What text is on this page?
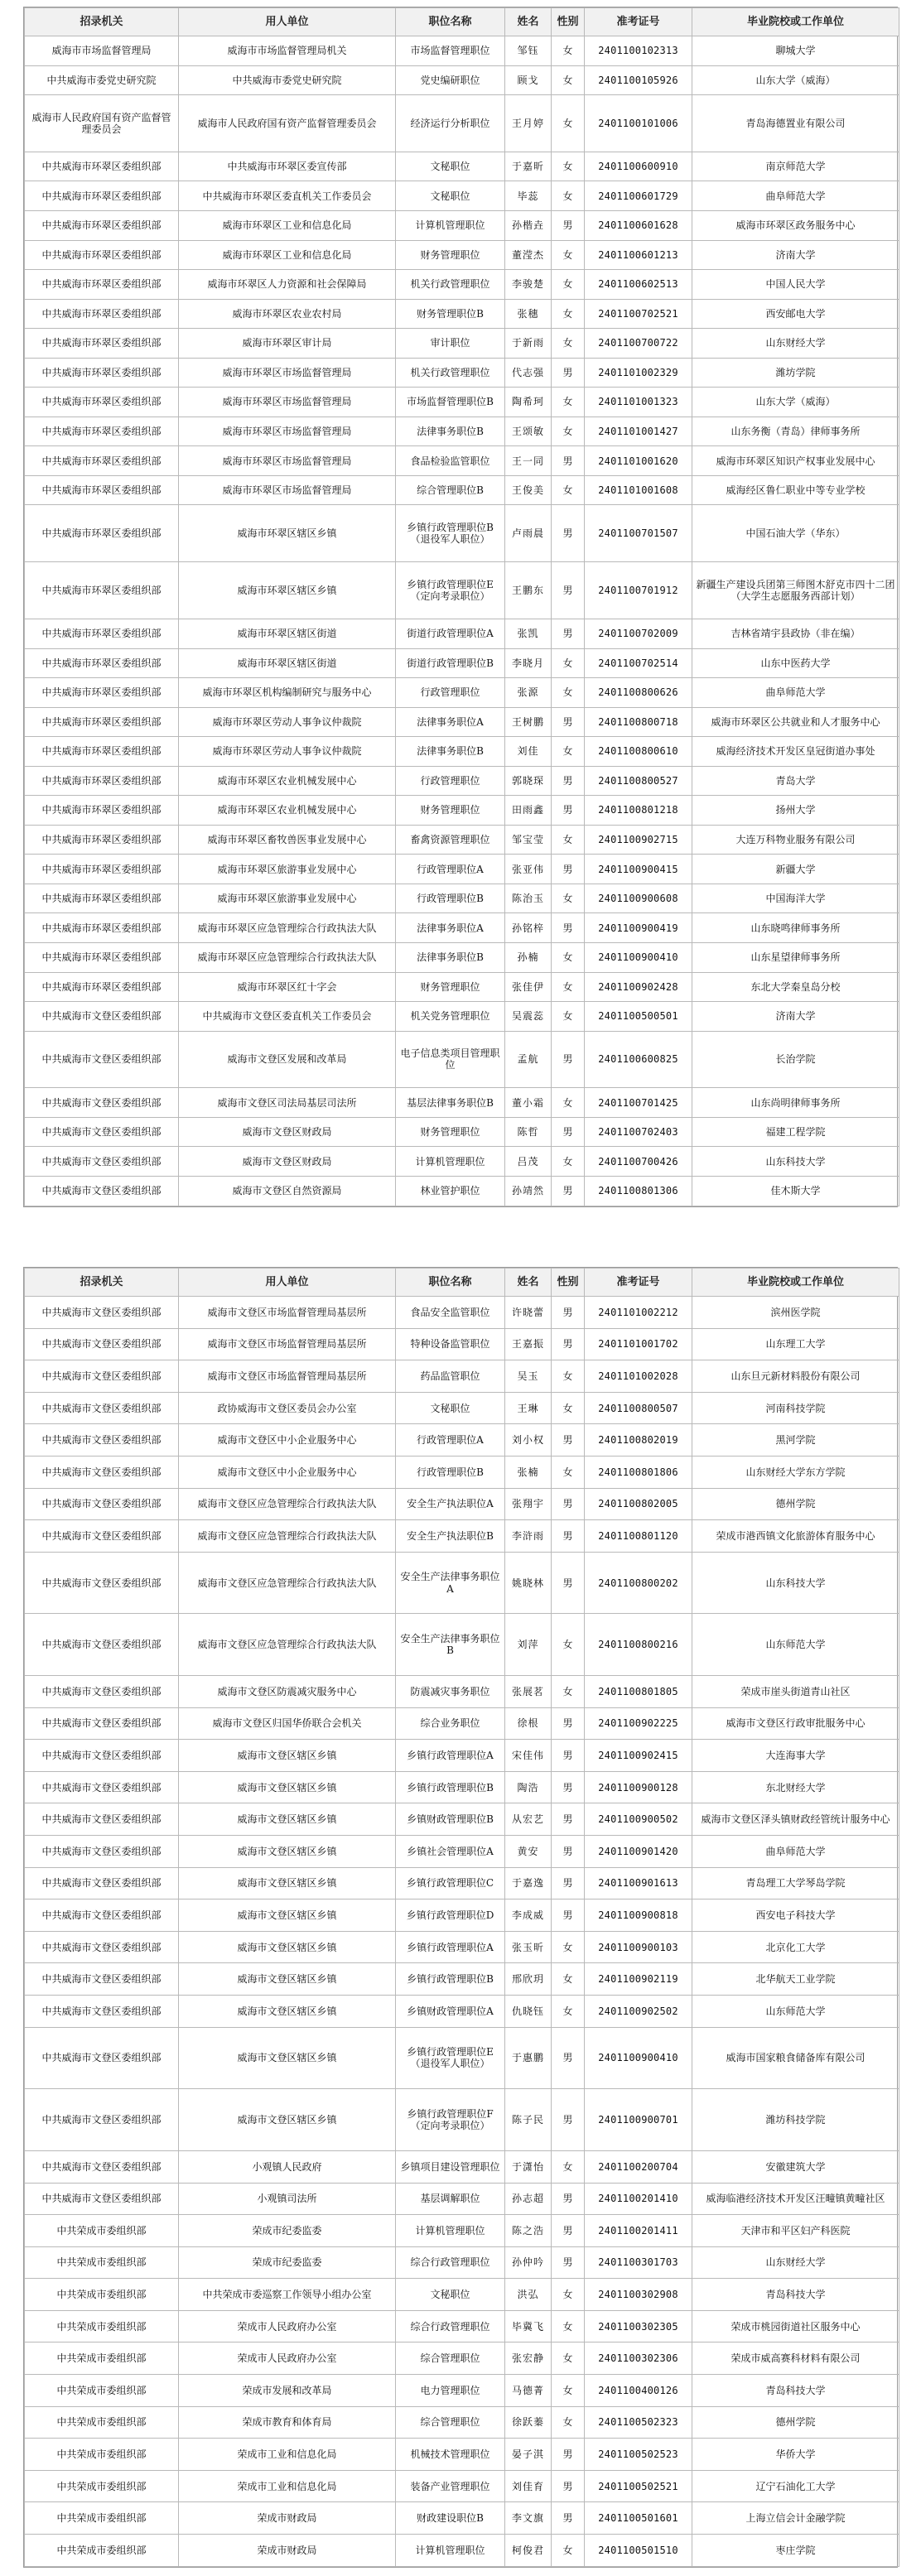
招录机关	用人单位	职位名称	姓名	性别	准考证号	毕业院校或工作单位
威海市市场监督管理局	威海市市场监督管理局机关	市场监督管理职位	邹钰	女	2401100102313	聊城大学
中共威海市委党史研究院	中共威海市委党史研究院	党史编研职位	顾戈	女	2401100105926	山东大学（威海）
威海市人民政府国有资产监督管理委员会	威海市人民政府国有资产监督管理委员会	经济运行分析职位	王月婷	女	2401100101006	青岛海德置业有限公司
中共威海市环翠区委组织部	中共威海市环翠区委宣传部	文秘职位	于嘉昕	女	2401100600910	南京师范大学
中共威海市环翠区委组织部	中共威海市环翠区委直机关工作委员会	文秘职位	毕蕊	女	2401100601729	曲阜师范大学
中共威海市环翠区委组织部	威海市环翠区工业和信息化局	计算机管理职位	孙楷垚	男	2401100601628	威海市环翠区政务服务中心
中共威海市环翠区委组织部	威海市环翠区工业和信息化局	财务管理职位	董滢杰	女	2401100601213	济南大学
中共威海市环翠区委组织部	威海市环翠区人力资源和社会保障局	机关行政管理职位	李骏楚	女	2401100602513	中国人民大学
中共威海市环翠区委组织部	威海市环翠区农业农村局	财务管理职位B	张穗	女	2401100702521	西安邮电大学
中共威海市环翠区委组织部	威海市环翠区审计局	审计职位	于新雨	女	2401100700722	山东财经大学
中共威海市环翠区委组织部	威海市环翠区市场监督管理局	机关行政管理职位	代志强	男	2401101002329	潍坊学院
中共威海市环翠区委组织部	威海市环翠区市场监督管理局	市场监督管理职位B	陶希珂	女	2401101001323	山东大学（威海）
中共威海市环翠区委组织部	威海市环翠区市场监督管理局	法律事务职位B	王颂敏	女	2401101001427	山东务衡（青岛）律师事务所
中共威海市环翠区委组织部	威海市环翠区市场监督管理局	食品检验监管职位	王一同	男	2401101001620	威海市环翠区知识产权事业发展中心
中共威海市环翠区委组织部	威海市环翠区市场监督管理局	综合管理职位B	王俊美	女	2401101001608	威海经区鲁仁职业中等专业学校
中共威海市环翠区委组织部	威海市环翠区辖区乡镇	乡镇行政管理职位B（退役军人职位）	卢雨晨	男	2401100701507	中国石油大学（华东）
中共威海市环翠区委组织部	威海市环翠区辖区乡镇	乡镇行政管理职位E（定向考录职位）	王鹏东	男	2401100701912	新疆生产建设兵团第三师图木舒克市四十二团（大学生志愿服务西部计划）
中共威海市环翠区委组织部	威海市环翠区辖区街道	街道行政管理职位A	张凯	男	2401100702009	吉林省靖宇县政协（非在编）
中共威海市环翠区委组织部	威海市环翠区辖区街道	街道行政管理职位B	李晓月	女	2401100702514	山东中医药大学
中共威海市环翠区委组织部	威海市环翠区机构编制研究与服务中心	行政管理职位	张源	女	2401100800626	曲阜师范大学
中共威海市环翠区委组织部	威海市环翠区劳动人事争议仲裁院	法律事务职位A	王树鹏	男	2401100800718	威海市环翠区公共就业和人才服务中心
中共威海市环翠区委组织部	威海市环翠区劳动人事争议仲裁院	法律事务职位B	刘佳	女	2401100800610	威海经济技术开发区皇冠街道办事处
中共威海市环翠区委组织部	威海市环翠区农业机械发展中心	行政管理职位	郭晓琛	男	2401100800527	青岛大学
中共威海市环翠区委组织部	威海市环翠区农业机械发展中心	财务管理职位	田雨鑫	男	2401100801218	扬州大学
中共威海市环翠区委组织部	威海市环翠区畜牧兽医事业发展中心	畜禽资源管理职位	邹宝莹	女	2401100902715	大连万科物业服务有限公司
中共威海市环翠区委组织部	威海市环翠区旅游事业发展中心	行政管理职位A	张亚伟	男	2401100900415	新疆大学
中共威海市环翠区委组织部	威海市环翠区旅游事业发展中心	行政管理职位B	陈治玉	女	2401100900608	中国海洋大学
中共威海市环翠区委组织部	威海市环翠区应急管理综合行政执法大队	法律事务职位A	孙铭梓	男	2401100900419	山东晓鸣律师事务所
中共威海市环翠区委组织部	威海市环翠区应急管理综合行政执法大队	法律事务职位B	孙楠	女	2401100900410	山东星望律师事务所
中共威海市环翠区委组织部	威海市环翠区红十字会	财务管理职位	张佳伊	女	2401100902428	东北大学秦皇岛分校
中共威海市文登区委组织部	中共威海市文登区委直机关工作委员会	机关党务管理职位	吴震蕊	女	2401100500501	济南大学
中共威海市文登区委组织部	威海市文登区发展和改革局	电子信息类项目管理职位	孟航	男	2401100600825	长治学院
中共威海市文登区委组织部	威海市文登区司法局基层司法所	基层法律事务职位B	董小霜	女	2401100701425	山东尚明律师事务所
中共威海市文登区委组织部	威海市文登区财政局	财务管理职位	陈哲	男	2401100702403	福建工程学院
中共威海市文登区委组织部	威海市文登区财政局	计算机管理职位	吕茂	女	2401100700426	山东科技大学
中共威海市文登区委组织部	威海市文登区自然资源局	林业管护职位	孙靖然	男	2401100801306	佳木斯大学
招录机关	用人单位	职位名称	姓名	性别	准考证号	毕业院校或工作单位
中共威海市文登区委组织部	威海市文登区市场监督管理局基层所	食品安全监管职位	许晓蕾	男	2401101002212	滨州医学院
中共威海市文登区委组织部	威海市文登区市场监督管理局基层所	特种设备监管职位	王嘉振	男	2401101001702	山东理工大学
中共威海市文登区委组织部	威海市文登区市场监督管理局基层所	药品监管职位	吴玉	女	2401101002028	山东旦元新材料股份有限公司
中共威海市文登区委组织部	政协威海市文登区委员会办公室	文秘职位	王琳	女	2401100800507	河南科技学院
中共威海市文登区委组织部	威海市文登区中小企业服务中心	行政管理职位A	刘小权	男	2401100802019	黑河学院
中共威海市文登区委组织部	威海市文登区中小企业服务中心	行政管理职位B	张楠	女	2401100801806	山东财经大学东方学院
中共威海市文登区委组织部	威海市文登区应急管理综合行政执法大队	安全生产执法职位A	张翔宇	男	2401100802005	德州学院
中共威海市文登区委组织部	威海市文登区应急管理综合行政执法大队	安全生产执法职位B	李浒雨	男	2401100801120	荣成市港西镇文化旅游体育服务中心
中共威海市文登区委组织部	威海市文登区应急管理综合行政执法大队	安全生产法律事务职位A	姚晓林	男	2401100800202	山东科技大学
中共威海市文登区委组织部	威海市文登区应急管理综合行政执法大队	安全生产法律事务职位B	刘萍	女	2401100800216	山东师范大学
中共威海市文登区委组织部	威海市文登区防震减灾服务中心	防震减灾事务职位	张展茗	女	2401100801805	荣成市崖头街道青山社区
中共威海市文登区委组织部	威海市文登区归国华侨联合会机关	综合业务职位	徐根	男	2401100902225	威海市文登区行政审批服务中心
中共威海市文登区委组织部	威海市文登区辖区乡镇	乡镇行政管理职位A	宋佳伟	男	2401100902415	大连海事大学
中共威海市文登区委组织部	威海市文登区辖区乡镇	乡镇行政管理职位B	陶浩	男	2401100900128	东北财经大学
中共威海市文登区委组织部	威海市文登区辖区乡镇	乡镇财政管理职位B	从宏艺	男	2401100900502	威海市文登区泽头镇财政经管统计服务中心
中共威海市文登区委组织部	威海市文登区辖区乡镇	乡镇社会管理职位A	黄安	男	2401100901420	曲阜师范大学
中共威海市文登区委组织部	威海市文登区辖区乡镇	乡镇行政管理职位C	于嘉逸	男	2401100901613	青岛理工大学琴岛学院
中共威海市文登区委组织部	威海市文登区辖区乡镇	乡镇行政管理职位D	李成威	男	2401100900818	西安电子科技大学
中共威海市文登区委组织部	威海市文登区辖区乡镇	乡镇行政管理职位A	张玉昕	女	2401100900103	北京化工大学
中共威海市文登区委组织部	威海市文登区辖区乡镇	乡镇行政管理职位B	邢欣玥	女	2401100902119	北华航天工业学院
中共威海市文登区委组织部	威海市文登区辖区乡镇	乡镇财政管理职位A	仇晓钰	女	2401100902502	山东师范大学
中共威海市文登区委组织部	威海市文登区辖区乡镇	乡镇行政管理职位E（退役军人职位）	于惠鹏	男	2401100900410	威海市国家粮食储备库有限公司
中共威海市文登区委组织部	威海市文登区辖区乡镇	乡镇行政管理职位F（定向考录职位）	陈子民	男	2401100900701	潍坊科技学院
中共威海市文登区委组织部	小观镇人民政府	乡镇项目建设管理职位	于潇怡	女	2401100200704	安徽建筑大学
中共威海市文登区委组织部	小观镇司法所	基层调解职位	孙志超	男	2401100201410	威海临港经济技术开发区汪疃镇黄疃社区
中共荣成市委组织部	荣成市纪委监委	计算机管理职位	陈之浩	男	2401100201411	天津市和平区妇产科医院
中共荣成市委组织部	荣成市纪委监委	综合行政管理职位	孙仲吟	男	2401100301703	山东财经大学
中共荣成市委组织部	中共荣成市委巡察工作领导小组办公室	文秘职位	洪弘	女	2401100302908	青岛科技大学
中共荣成市委组织部	荣成市人民政府办公室	综合行政管理职位	毕冀飞	女	2401100302305	荣成市桃园街道社区服务中心
中共荣成市委组织部	荣成市人民政府办公室	综合管理职位	张宏静	女	2401100302306	荣成市威高赛科材料有限公司
中共荣成市委组织部	荣成市发展和改革局	电力管理职位	马德菁	女	2401100400126	青岛科技大学
中共荣成市委组织部	荣成市教育和体育局	综合管理职位	徐跃蓁	女	2401100502323	德州学院
中共荣成市委组织部	荣成市工业和信息化局	机械技术管理职位	晏子淇	男	2401100502523	华侨大学
中共荣成市委组织部	荣成市工业和信息化局	装备产业管理职位	刘佳育	男	2401100502521	辽宁石油化工大学
中共荣成市委组织部	荣成市财政局	财政建设职位B	李文旗	男	2401100501601	上海立信会计金融学院
中共荣成市委组织部	荣成市财政局	计算机管理职位	柯俊君	女	2401100501510	枣庄学院
